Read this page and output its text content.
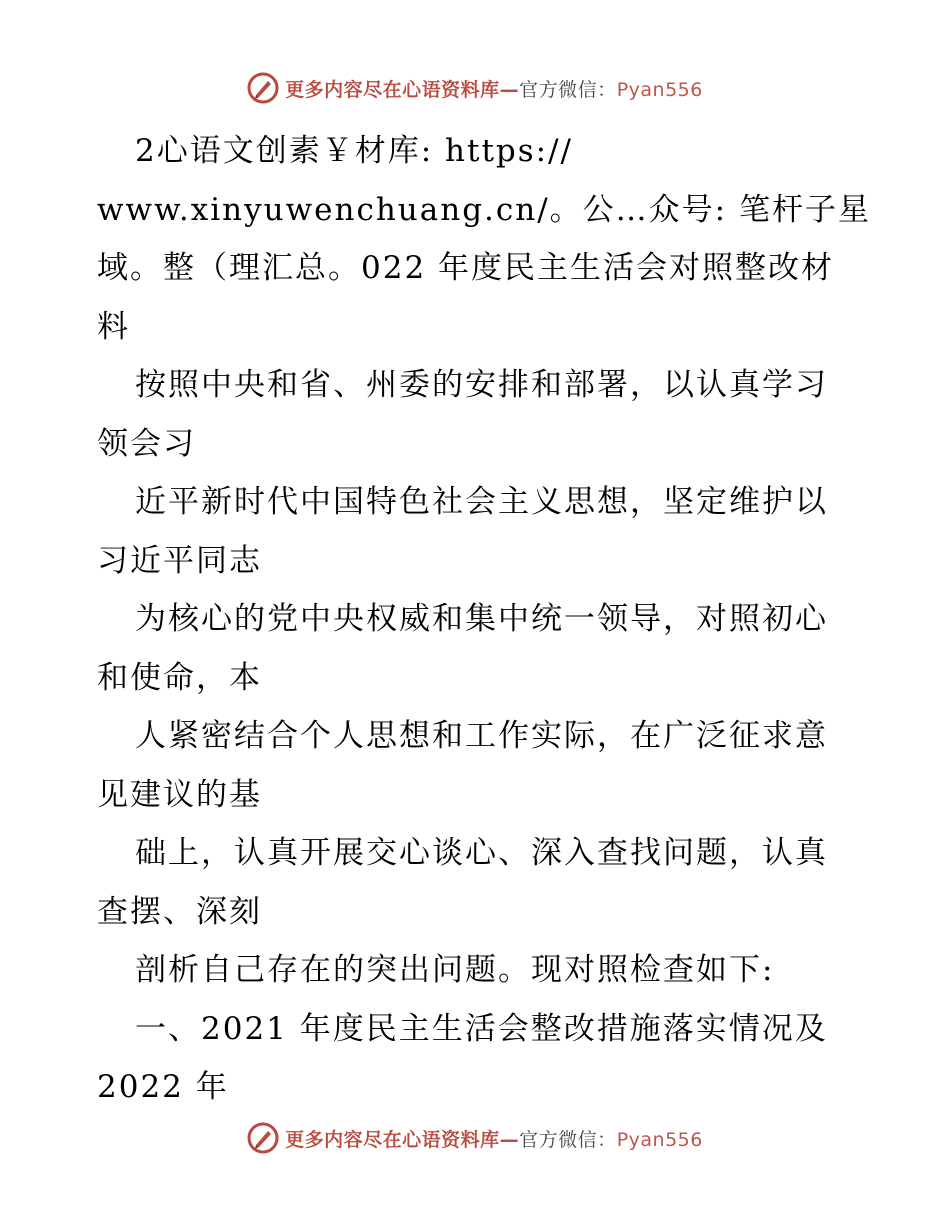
更多内容尽在心语资料库—官方微信：Pyan556
2心语文创素￥材库: https://
www.xinyuwenchuang.cn/。公…众号: 笔杆子星
域。整（理汇总。022 年度民主生活会对照整改材
料
按照中央和省、州委的安排和部署，以认真学习
领会习
近平新时代中国特色社会主义思想，坚定维护以
习近平同志
为核心的党中央权威和集中统一领导，对照初心
和使命，本
人紧密结合个人思想和工作实际，在广泛征求意
见建议的基
础上，认真开展交心谈心、深入查找问题，认真
查摆、深刻
剖析自己存在的突出问题。现对照检查如下:
一、2021 年度民主生活会整改措施落实情况及
2022 年
更多内容尽在心语资料库—官方微信：Pyan556
